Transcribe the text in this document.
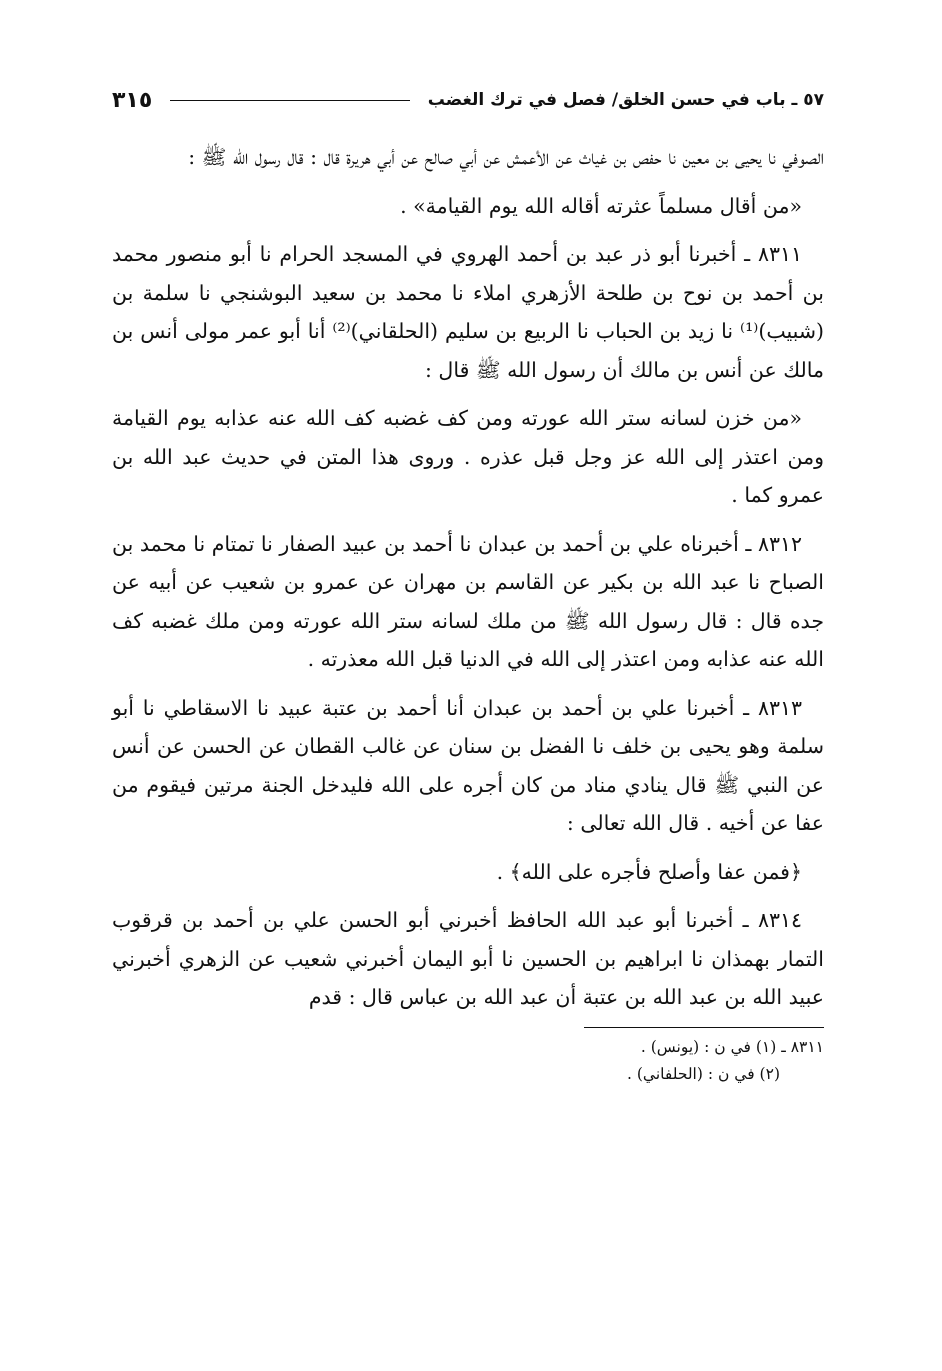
٥٧ ـ باب في حسن الخلق/ فصل في ترك الغضب
٣١٥

الصوفي نا يحيى بن معين نا حفص بن غياث عن الأعمش عن أبي صالح عن أبي هريرة قال : قال رسول الله ﷺ :

«من أقال مسلماً عثرته أقاله الله يوم القيامة» .

٨٣١١ ـ أخبرنا أبو ذر عبد بن أحمد الهروي في المسجد الحرام نا أبو منصور محمد بن أحمد بن نوح بن طلحة الأزهري املاء نا محمد بن سعيد البوشنجي نا سلمة بن (شبيب)⁽¹⁾ نا زيد بن الحباب نا الربيع بن سليم (الحلقاني)⁽²⁾ أنا أبو عمر مولى أنس بن مالك عن أنس بن مالك أن رسول الله ﷺ قال :

«من خزن لسانه ستر الله عورته ومن كف غضبه كف الله عنه عذابه يوم القيامة ومن اعتذر إلى الله عز وجل قبل عذره . وروى هذا المتن في حديث عبد الله بن عمرو كما .

٨٣١٢ ـ أخبرناه علي بن أحمد بن عبدان نا أحمد بن عبيد الصفار نا تمتام نا محمد بن الصباح نا عبد الله بن بكير عن القاسم بن مهران عن عمرو بن شعيب عن أبيه عن جده قال : قال رسول الله ﷺ من ملك لسانه ستر الله عورته ومن ملك غضبه كف الله عنه عذابه ومن اعتذر إلى الله في الدنيا قبل الله معذرته .

٨٣١٣ ـ أخبرنا علي بن أحمد بن عبدان أنا أحمد بن عتبة عبيد نا الاسقاطي نا أبو سلمة وهو يحيى بن خلف نا الفضل بن سنان عن غالب القطان عن الحسن عن أنس عن النبي ﷺ قال ينادي مناد من كان أجره على الله فليدخل الجنة مرتين فيقوم من عفا عن أخيه . قال الله تعالى :

﴿فمن عفا وأصلح فأجره على الله﴾ .

٨٣١٤ ـ أخبرنا أبو عبد الله الحافظ أخبرني أبو الحسن علي بن أحمد بن قرقوب التمار بهمذان نا ابراهيم بن الحسين نا أبو اليمان أخبرني شعيب عن الزهري أخبرني عبيد الله بن عبد الله بن عتبة أن عبد الله بن عباس قال : قدم

٨٣١١ ـ (١) في ن : (يونس) .

(٢) في ن : (الحلفاني) .
